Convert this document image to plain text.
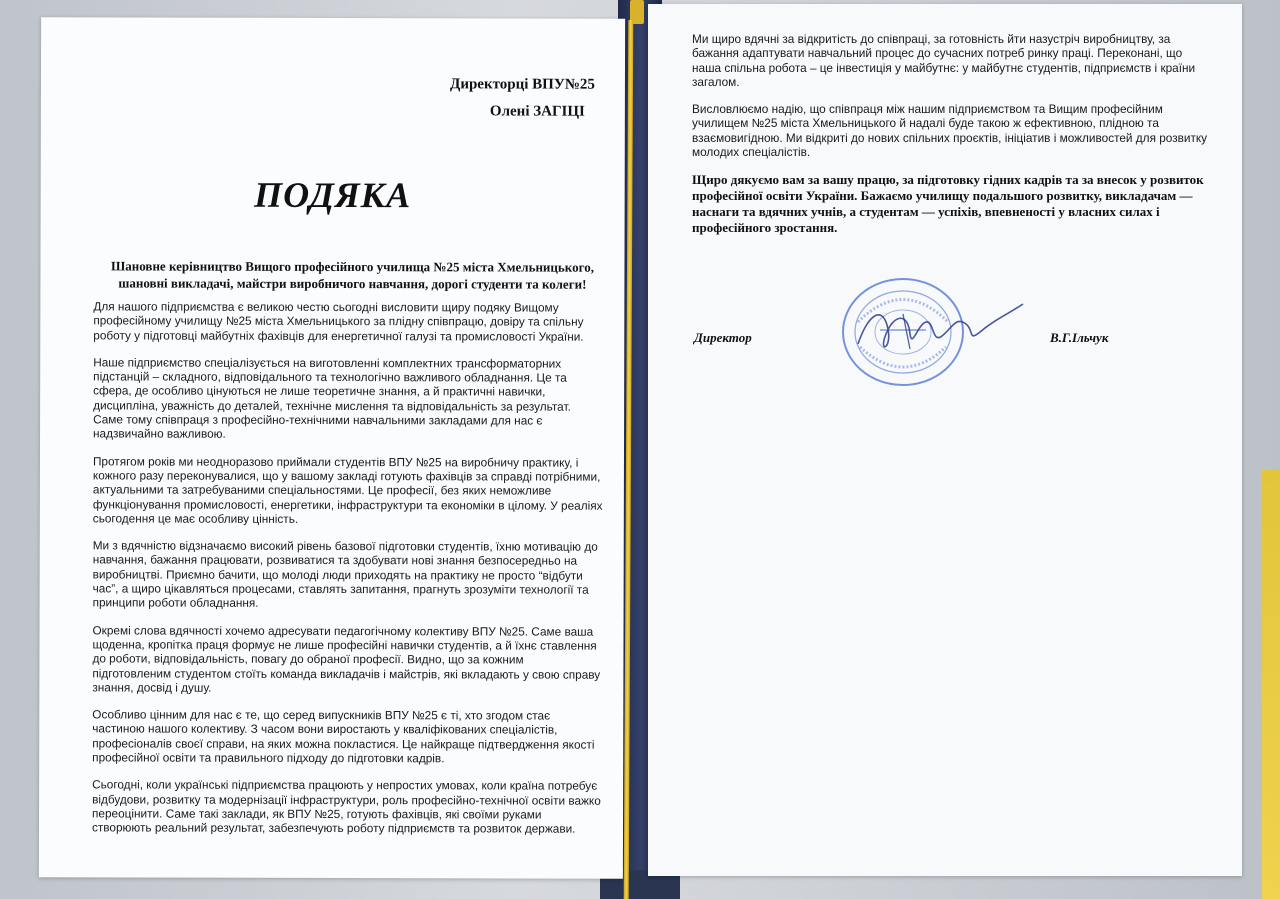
Директорці ВПУ№25
Олені ЗАГІЦІ
ПОДЯКА
Шановне керівництво Вищого професійного училища №25 міста Хмельницького, шановні викладачі, майстри виробничого навчання, дорогі студенти та колеги!

Для нашого підприємства є великою честю сьогодні висловити щиру подяку Вищому професійному училищу №25 міста Хмельницького за плідну співпрацю, довіру та спільну роботу у підготовці майбутніх фахівців для енергетичної галузі та промисловості України.

Наше підприємство спеціалізується на виготовленні комплектних трансформаторних підстанцій – складного, відповідального та технологічно важливого обладнання. Це та сфера, де особливо цінуються не лише теоретичне знання, а й практичні навички, дисципліна, уважність до деталей, технічне мислення та відповідальність за результат. Саме тому співпраця з професійно-технічними навчальними закладами для нас є надзвичайно важливою.

Протягом років ми неодноразово приймали студентів ВПУ №25 на виробничу практику, і кожного разу переконувалися, що у вашому закладі готують фахівців за справді потрібними, актуальними та затребуваними спеціальностями. Це професії, без яких неможливе функціонування промисловості, енергетики, інфраструктури та економіки в цілому. У реаліях сьогодення це має особливу цінність.

Ми з вдячністю відзначаємо високий рівень базової підготовки студентів, їхню мотивацію до навчання, бажання працювати, розвиватися та здобувати нові знання безпосередньо на виробництві. Приємно бачити, що молоді люди приходять на практику не просто “відбути час”, а щиро цікавляться процесами, ставлять запитання, прагнуть зрозуміти технології та принципи роботи обладнання.

Окремі слова вдячності хочемо адресувати педагогічному колективу ВПУ №25. Саме ваша щоденна, кропітка праця формує не лише професійні навички студентів, а й їхнє ставлення до роботи, відповідальність, повагу до обраної професії. Видно, що за кожним підготовленим студентом стоїть команда викладачів і майстрів, які вкладають у свою справу знання, досвід і душу.

Особливо цінним для нас є те, що серед випускників ВПУ №25 є ті, хто згодом стає частиною нашого колективу. З часом вони виростають у кваліфікованих спеціалістів, професіоналів своєї справи, на яких можна покластися. Це найкраще підтвердження якості професійної освіти та правильного підходу до підготовки кадрів.

Сьогодні, коли українські підприємства працюють у непростих умовах, коли країна потребує відбудови, розвитку та модернізації інфраструктури, роль професійно-технічної освіти важко переоцінити. Саме такі заклади, як ВПУ №25, готують фахівців, які своїми руками створюють реальний результат, забезпечують роботу підприємств та розвиток держави.

Ми щиро вдячні за відкритість до співпраці, за готовність йти назустріч виробництву, за бажання адаптувати навчальний процес до сучасних потреб ринку праці. Переконані, що наша спільна робота – це інвестиція у майбутнє: у майбутнє студентів, підприємств і країни загалом.

Висловлюємо надію, що співпраця між нашим підприємством та Вищим професійним училищем №25 міста Хмельницького й надалі буде такою ж ефективною, плідною та взаємовигідною. Ми відкриті до нових спільних проєктів, ініціатив і можливостей для розвитку молодих спеціалістів.

Щиро дякуємо вам за вашу працю, за підготовку гідних кадрів та за внесок у розвиток професійної освіти України. Бажаємо училищу подальшого розвитку, викладачам — наснаги та вдячних учнів, а студентам — успіхів, впевненості у власних силах і професійного зростання.

Директор	В.Г.Ільчук
